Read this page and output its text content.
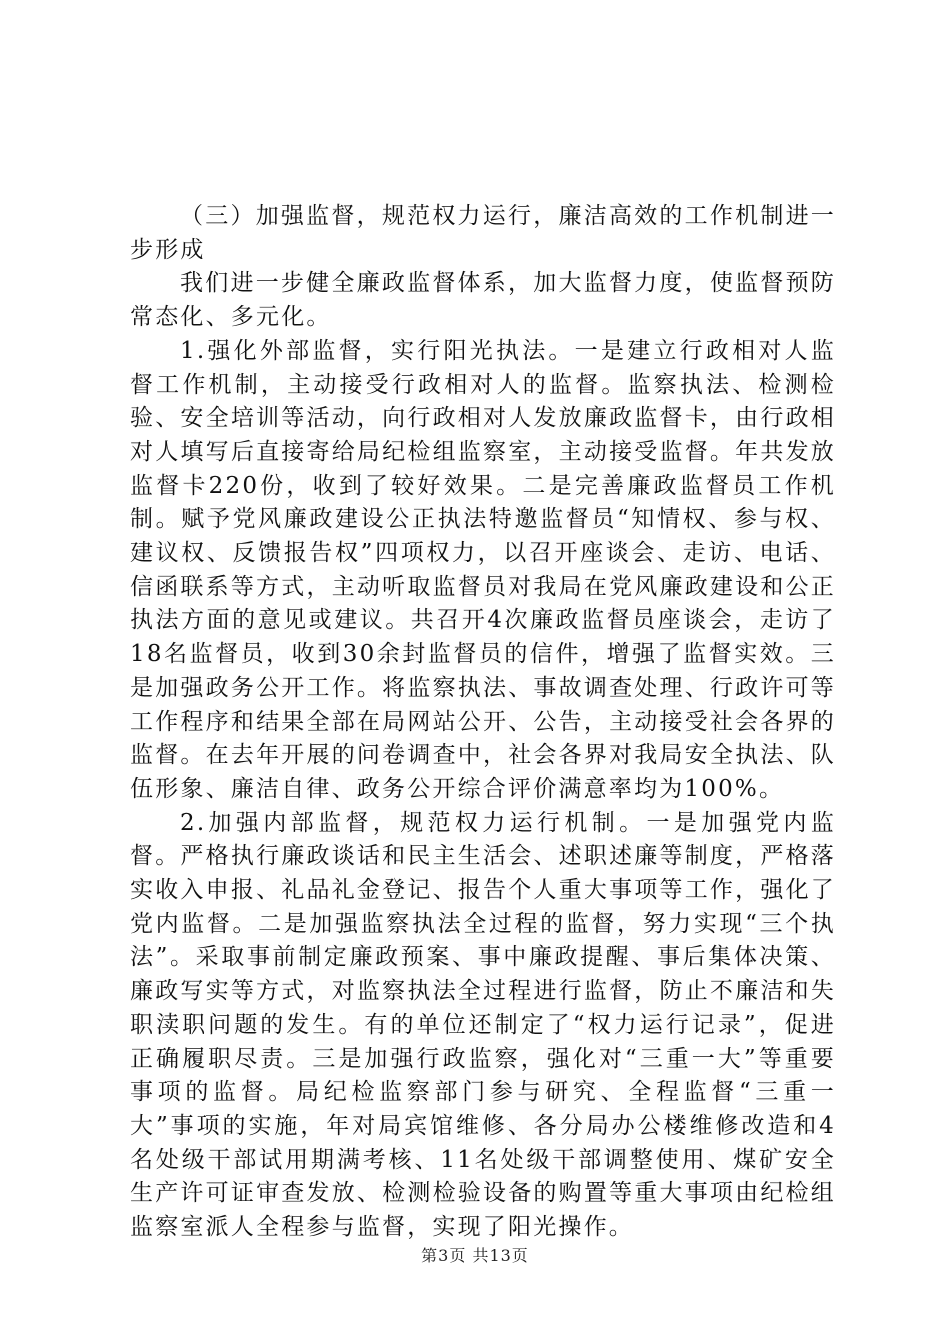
（三）加强监督，规范权力运行，廉洁高效的工作机制进一步形成

我们进一步健全廉政监督体系，加大监督力度，使监督预防常态化、多元化。

1.强化外部监督，实行阳光执法。一是建立行政相对人监督工作机制，主动接受行政相对人的监督。监察执法、检测检验、安全培训等活动，向行政相对人发放廉政监督卡，由行政相对人填写后直接寄给局纪检组监察室，主动接受监督。年共发放监督卡220份，收到了较好效果。二是完善廉政监督员工作机制。赋予党风廉政建设公正执法特邀监督员“知情权、参与权、建议权、反馈报告权”四项权力，以召开座谈会、走访、电话、信函联系等方式，主动听取监督员对我局在党风廉政建设和公正执法方面的意见或建议。共召开4次廉政监督员座谈会，走访了18名监督员，收到30余封监督员的信件，增强了监督实效。三是加强政务公开工作。将监察执法、事故调查处理、行政许可等工作程序和结果全部在局网站公开、公告，主动接受社会各界的监督。在去年开展的问卷调查中，社会各界对我局安全执法、队伍形象、廉洁自律、政务公开综合评价满意率均为100%。

2.加强内部监督，规范权力运行机制。一是加强党内监督。严格执行廉政谈话和民主生活会、述职述廉等制度，严格落实收入申报、礼品礼金登记、报告个人重大事项等工作，强化了党内监督。二是加强监察执法全过程的监督，努力实现“三个执法”。采取事前制定廉政预案、事中廉政提醒、事后集体决策、廉政写实等方式，对监察执法全过程进行监督，防止不廉洁和失职渎职问题的发生。有的单位还制定了“权力运行记录”，促进正确履职尽责。三是加强行政监察，强化对“三重一大”等重要事项的监督。局纪检监察部门参与研究、全程监督“三重一大”事项的实施，年对局宾馆维修、各分局办公楼维修改造和4名处级干部试用期满考核、11名处级干部调整使用、煤矿安全生产许可证审查发放、检测检验设备的购置等重大事项由纪检组监察室派人全程参与监督，实现了阳光操作。

第3页 共13页
